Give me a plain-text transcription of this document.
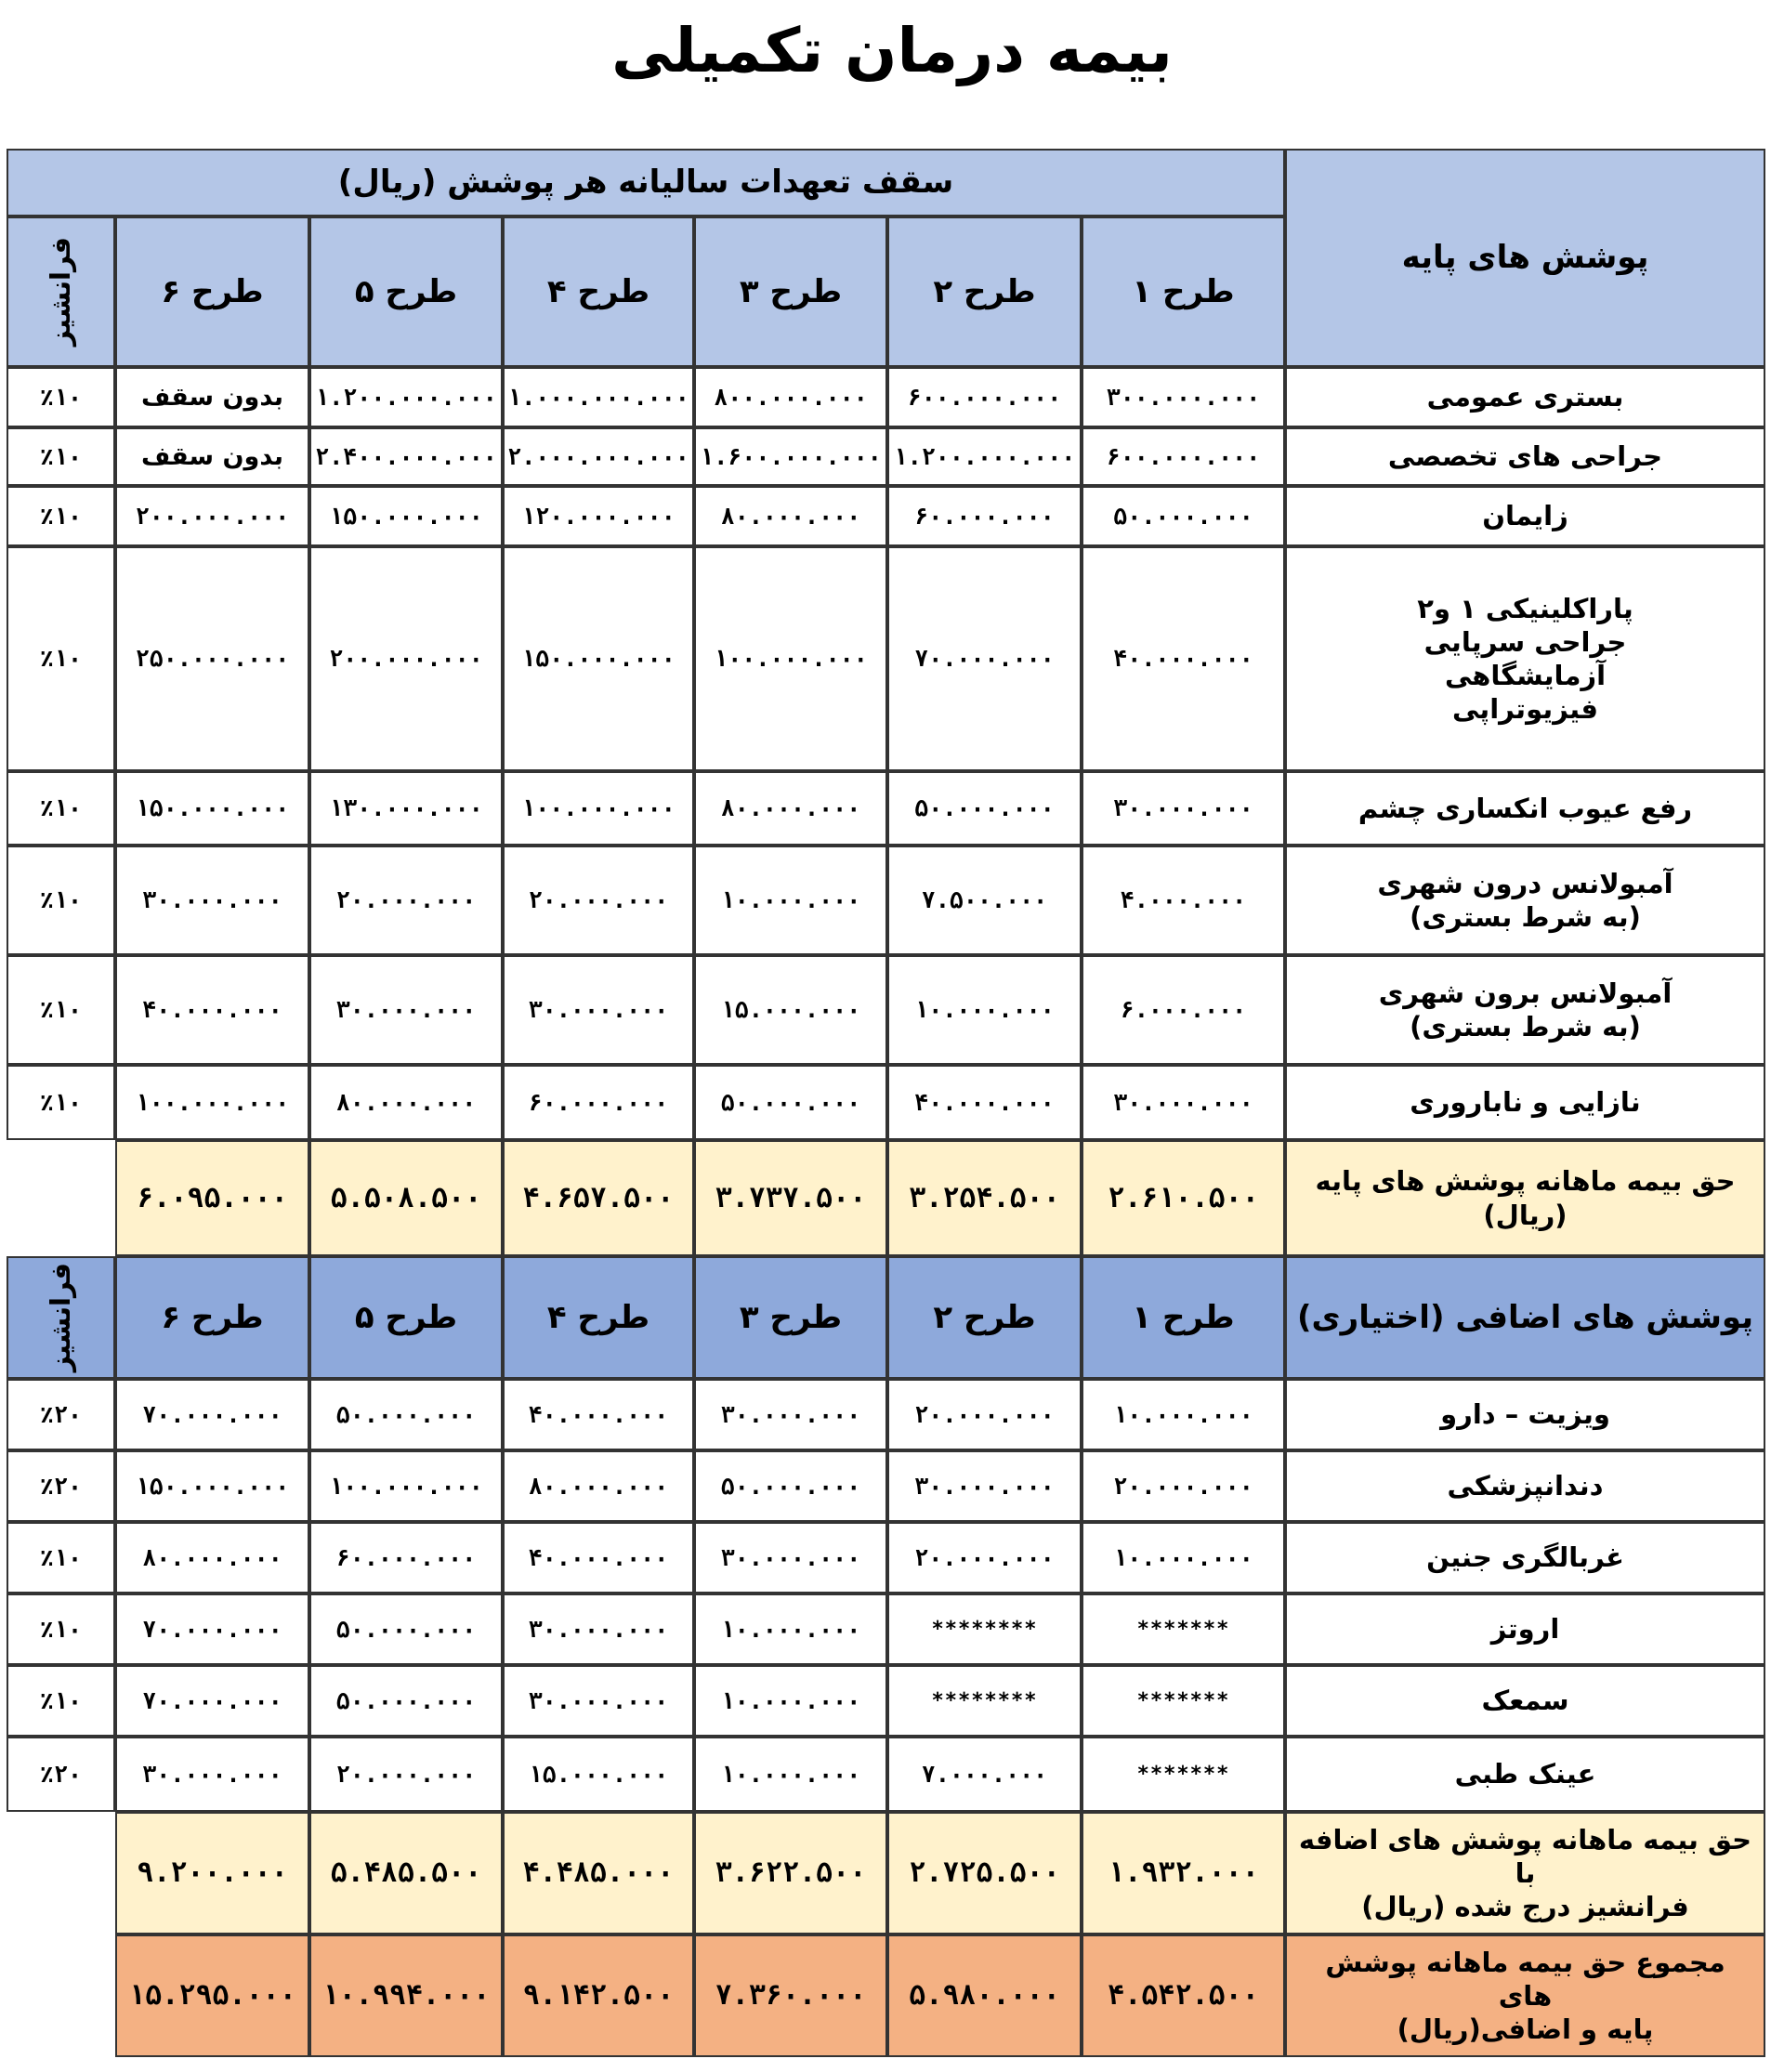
بیمه درمان تکمیلی
سقف تعهدات سالیانه هر پوشش (ریال)
پوشش های پایه
طرح ۱
طرح ۲
طرح ۳
طرح ۴
طرح ۵
طرح ۶
فرانشیز
بستری عمومی
۳۰۰.۰۰۰.۰۰۰
۶۰۰.۰۰۰.۰۰۰
۸۰۰.۰۰۰.۰۰۰
۱.۰۰۰.۰۰۰.۰۰۰
۱.۲۰۰.۰۰۰.۰۰۰
بدون سقف
٪۱۰
جراحی های تخصصی
۶۰۰.۰۰۰.۰۰۰
۱.۲۰۰.۰۰۰.۰۰۰
۱.۶۰۰.۰۰۰.۰۰۰
۲.۰۰۰.۰۰۰.۰۰۰
۲.۴۰۰.۰۰۰.۰۰۰
بدون سقف
٪۱۰
زایمان
۵۰.۰۰۰.۰۰۰
۶۰.۰۰۰.۰۰۰
۸۰.۰۰۰.۰۰۰
۱۲۰.۰۰۰.۰۰۰
۱۵۰.۰۰۰.۰۰۰
۲۰۰.۰۰۰.۰۰۰
٪۱۰
پاراکلینیکی ۱ و۲
جراحی سرپایی
آزمایشگاهی
فیزیوتراپی
۴۰.۰۰۰.۰۰۰
۷۰.۰۰۰.۰۰۰
۱۰۰.۰۰۰.۰۰۰
۱۵۰.۰۰۰.۰۰۰
۲۰۰.۰۰۰.۰۰۰
۲۵۰.۰۰۰.۰۰۰
٪۱۰
رفع عیوب انکساری چشم
۳۰.۰۰۰.۰۰۰
۵۰.۰۰۰.۰۰۰
۸۰.۰۰۰.۰۰۰
۱۰۰.۰۰۰.۰۰۰
۱۳۰.۰۰۰.۰۰۰
۱۵۰.۰۰۰.۰۰۰
٪۱۰
آمبولانس درون شهری
(به شرط بستری)
۴.۰۰۰.۰۰۰
۷.۵۰۰.۰۰۰
۱۰.۰۰۰.۰۰۰
۲۰.۰۰۰.۰۰۰
۲۰.۰۰۰.۰۰۰
۳۰.۰۰۰.۰۰۰
٪۱۰
آمبولانس برون شهری
(به شرط بستری)
۶.۰۰۰.۰۰۰
۱۰.۰۰۰.۰۰۰
۱۵.۰۰۰.۰۰۰
۳۰.۰۰۰.۰۰۰
۳۰.۰۰۰.۰۰۰
۴۰.۰۰۰.۰۰۰
٪۱۰
نازایی و ناباروری
۳۰.۰۰۰.۰۰۰
۴۰.۰۰۰.۰۰۰
۵۰.۰۰۰.۰۰۰
۶۰.۰۰۰.۰۰۰
۸۰.۰۰۰.۰۰۰
۱۰۰.۰۰۰.۰۰۰
٪۱۰
حق بیمه ماهانه پوشش های پایه
(ریال)
۲.۶۱۰.۵۰۰
۳.۲۵۴.۵۰۰
۳.۷۳۷.۵۰۰
۴.۶۵۷.۵۰۰
۵.۵۰۸.۵۰۰
۶.۰۹۵.۰۰۰
پوشش های اضافی (اختیاری)
طرح ۱
طرح ۲
طرح ۳
طرح ۴
طرح ۵
طرح ۶
فرانشیز
ویزیت – دارو
۱۰.۰۰۰.۰۰۰
۲۰.۰۰۰.۰۰۰
۳۰.۰۰۰.۰۰۰
۴۰.۰۰۰.۰۰۰
۵۰.۰۰۰.۰۰۰
۷۰.۰۰۰.۰۰۰
٪۲۰
دندانپزشکی
۲۰.۰۰۰.۰۰۰
۳۰.۰۰۰.۰۰۰
۵۰.۰۰۰.۰۰۰
۸۰.۰۰۰.۰۰۰
۱۰۰.۰۰۰.۰۰۰
۱۵۰.۰۰۰.۰۰۰
٪۲۰
غربالگری جنین
۱۰.۰۰۰.۰۰۰
۲۰.۰۰۰.۰۰۰
۳۰.۰۰۰.۰۰۰
۴۰.۰۰۰.۰۰۰
۶۰.۰۰۰.۰۰۰
۸۰.۰۰۰.۰۰۰
٪۱۰
اروتز
*******
********
۱۰.۰۰۰.۰۰۰
۳۰.۰۰۰.۰۰۰
۵۰.۰۰۰.۰۰۰
۷۰.۰۰۰.۰۰۰
٪۱۰
سمعک
*******
********
۱۰.۰۰۰.۰۰۰
۳۰.۰۰۰.۰۰۰
۵۰.۰۰۰.۰۰۰
۷۰.۰۰۰.۰۰۰
٪۱۰
عینک طبی
*******
۷.۰۰۰.۰۰۰
۱۰.۰۰۰.۰۰۰
۱۵.۰۰۰.۰۰۰
۲۰.۰۰۰.۰۰۰
۳۰.۰۰۰.۰۰۰
٪۲۰
حق بیمه ماهانه پوشش های اضافه با
فرانشیز درج شده (ریال)
۱.۹۳۲.۰۰۰
۲.۷۲۵.۵۰۰
۳.۶۲۲.۵۰۰
۴.۴۸۵.۰۰۰
۵.۴۸۵.۵۰۰
۹.۲۰۰.۰۰۰
مجموع حق بیمه ماهانه پوشش های
پایه و اضافی(ریال)
۴.۵۴۲.۵۰۰
۵.۹۸۰.۰۰۰
۷.۳۶۰.۰۰۰
۹.۱۴۲.۵۰۰
۱۰.۹۹۴.۰۰۰
۱۵.۲۹۵.۰۰۰
